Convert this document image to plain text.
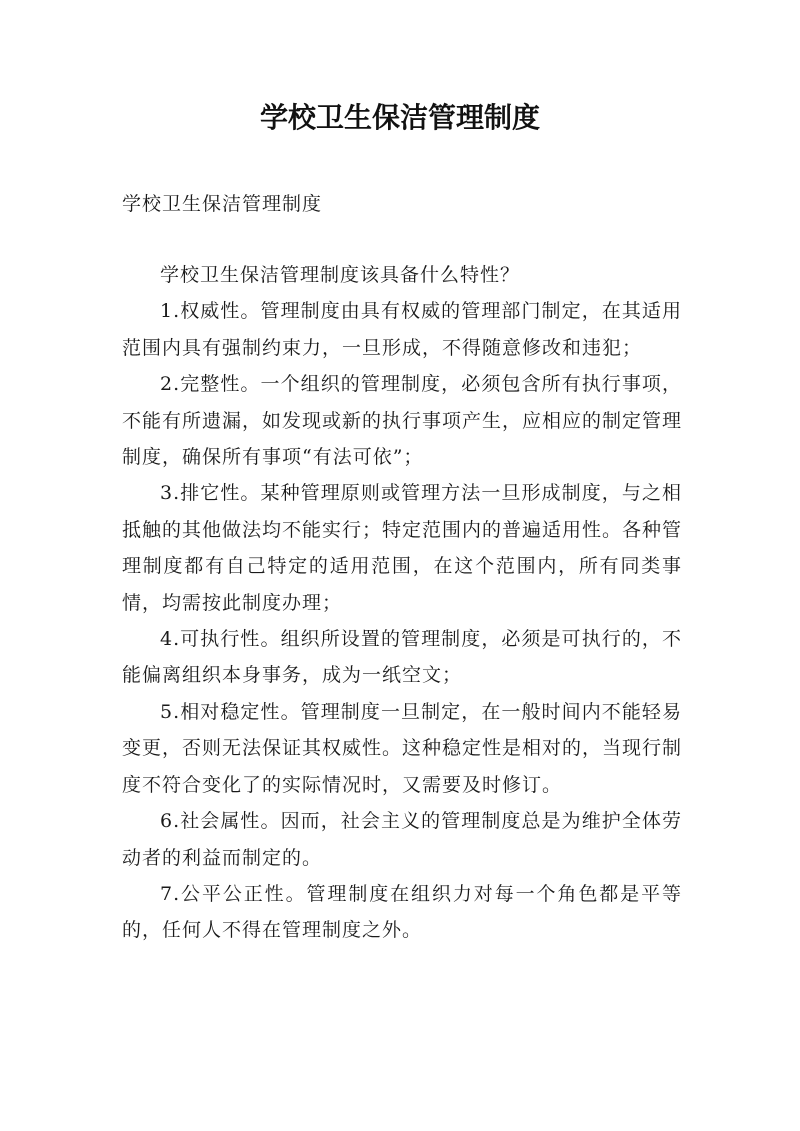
学校卫生保洁管理制度
学校卫生保洁管理制度

学校卫生保洁管理制度该具备什么特性？

1.权威性。管理制度由具有权威的管理部门制定，在其适用范围内具有强制约束力，一旦形成，不得随意修改和违犯；

2.完整性。一个组织的管理制度，必须包含所有执行事项，不能有所遗漏，如发现或新的执行事项产生，应相应的制定管理制度，确保所有事项“有法可依”；

3.排它性。某种管理原则或管理方法一旦形成制度，与之相抵触的其他做法均不能实行；特定范围内的普遍适用性。各种管理制度都有自己特定的适用范围，在这个范围内，所有同类事情，均需按此制度办理；

4.可执行性。组织所设置的管理制度，必须是可执行的，不能偏离组织本身事务，成为一纸空文；

5.相对稳定性。管理制度一旦制定，在一般时间内不能轻易变更，否则无法保证其权威性。这种稳定性是相对的，当现行制度不符合变化了的实际情况时，又需要及时修订。

6.社会属性。因而，社会主义的管理制度总是为维护全体劳动者的利益而制定的。

7.公平公正性。管理制度在组织力对每一个角色都是平等的，任何人不得在管理制度之外。
